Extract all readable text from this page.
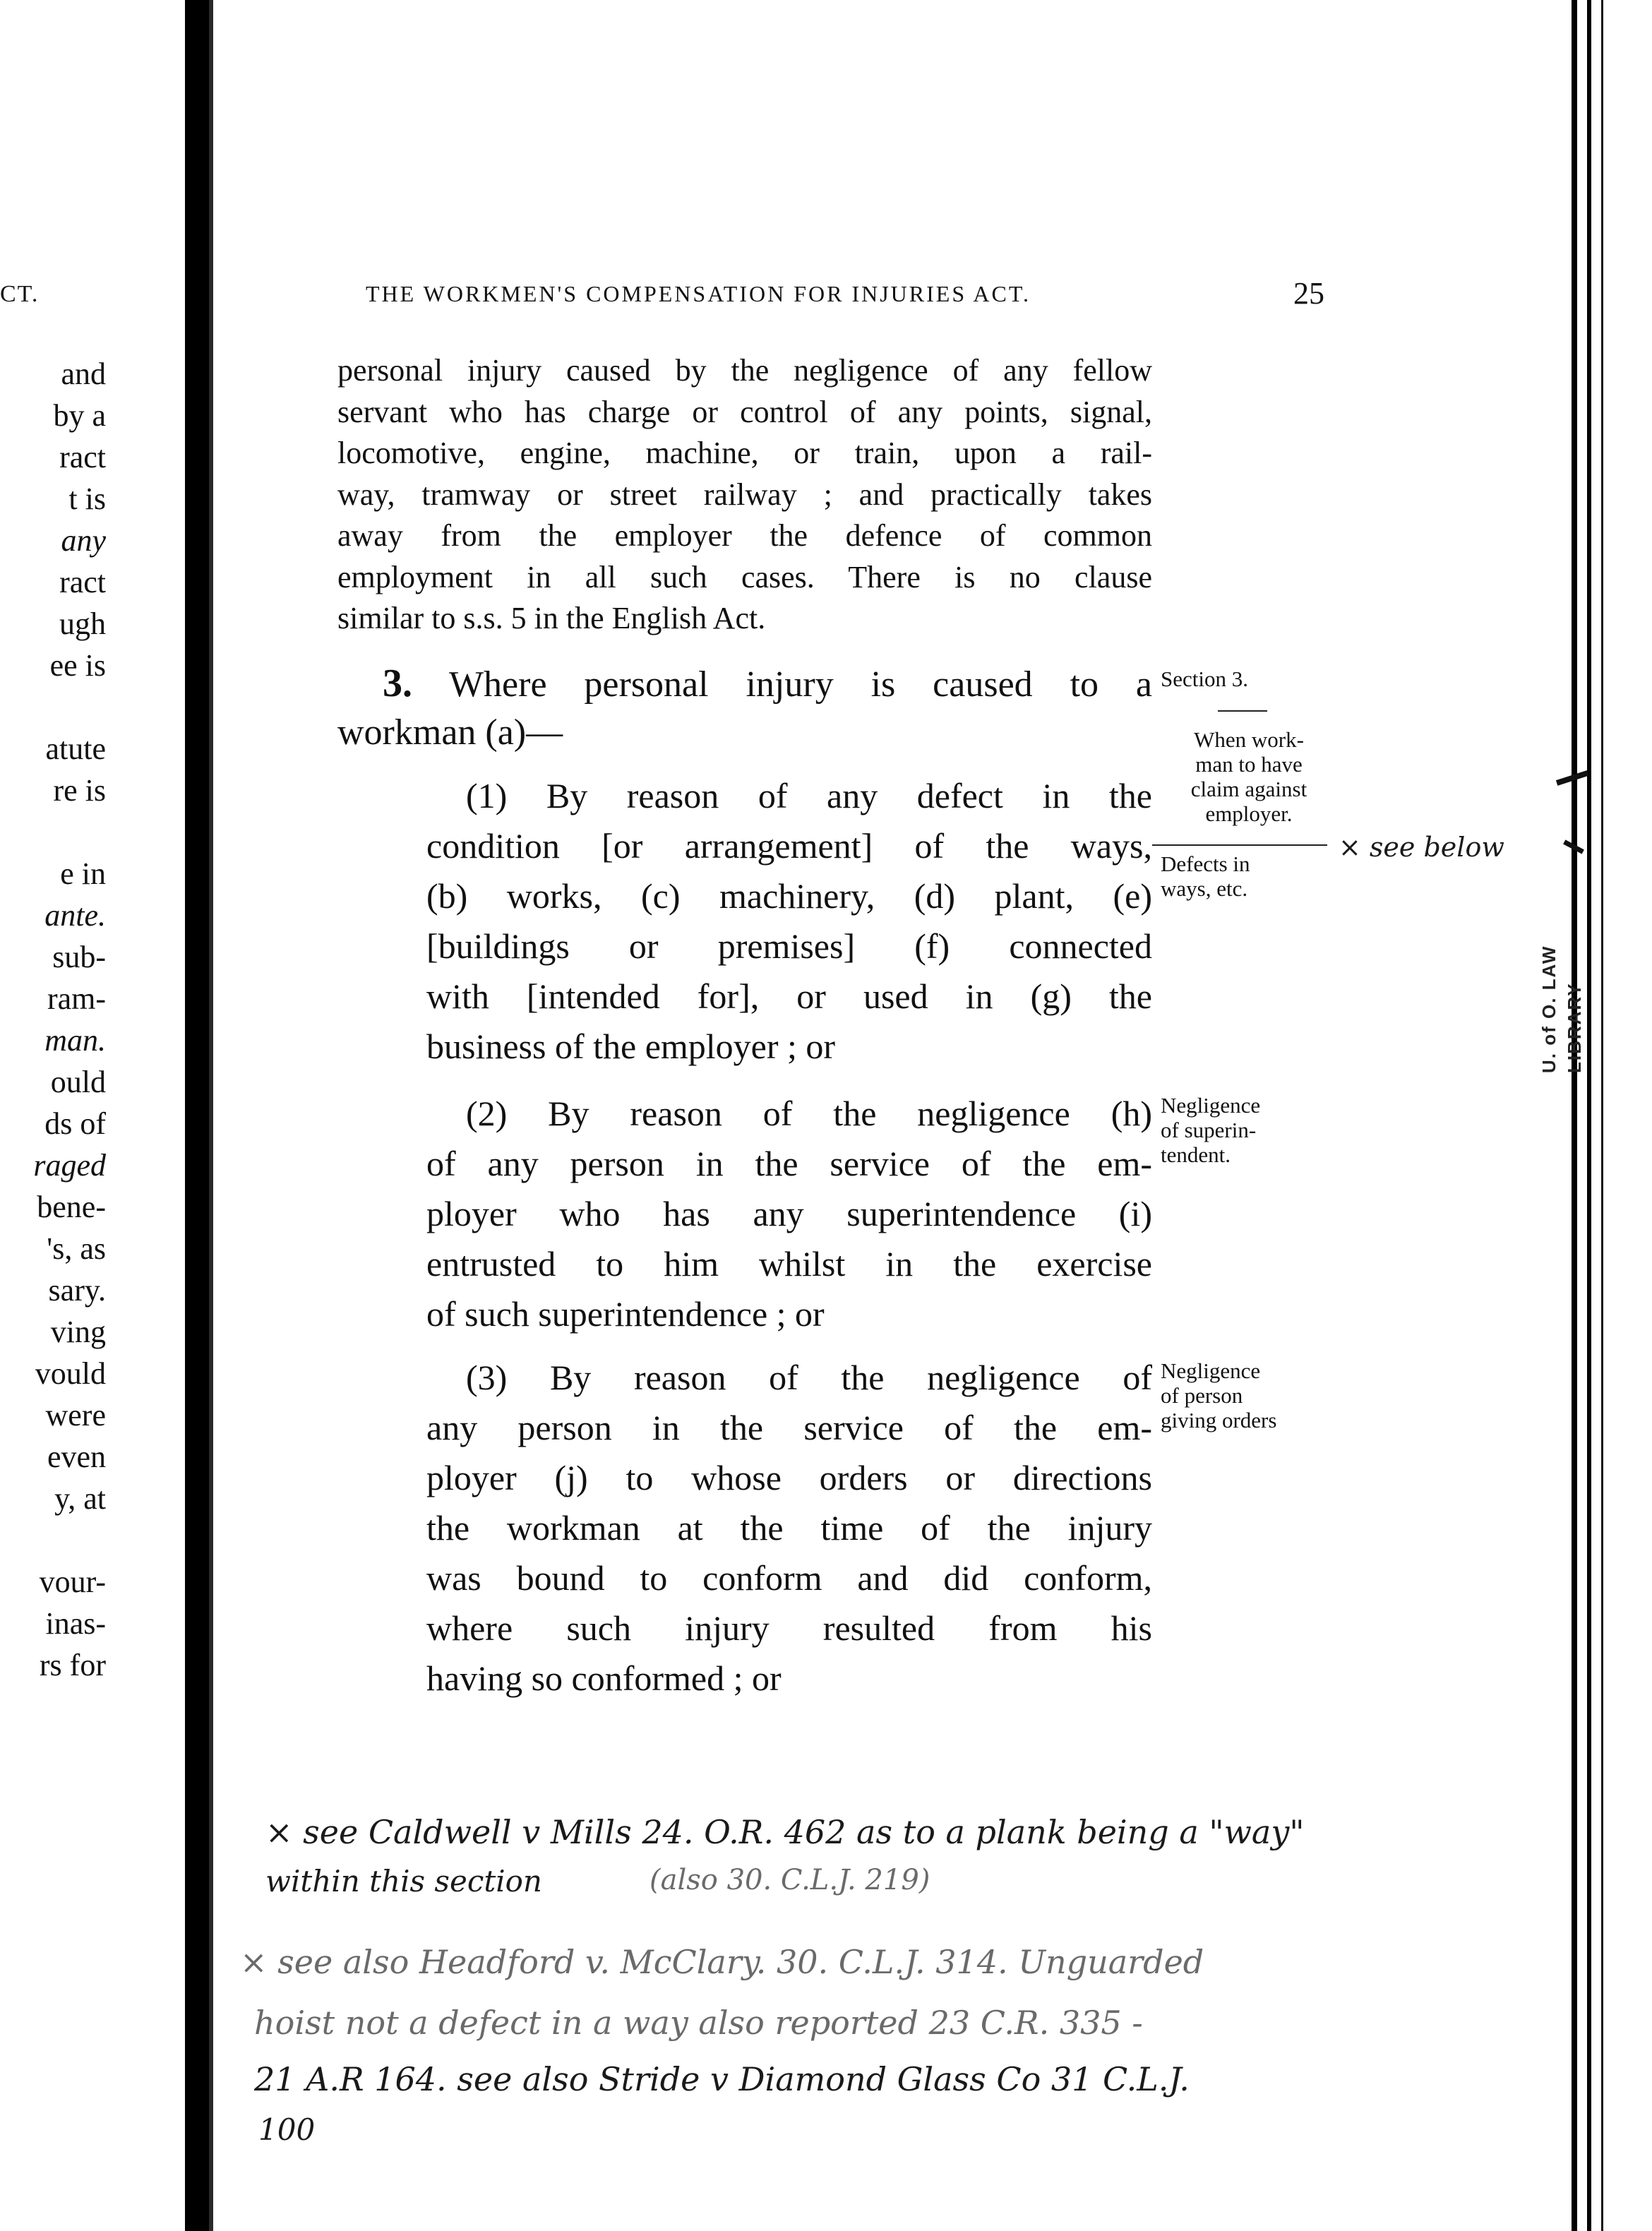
CT.
and
by a
ract
t is
any
ract
ugh
ee is

atute
re is

e in
ante.
sub-
ram-
man.
ould
ds of
raged
bene-
's, as
sary.
ving
vould
were
even
y, at

vour-
inas-
rs for
THE WORKMEN'S COMPENSATION FOR INJURIES ACT.	25
personal injury caused by the negligence of any fellow
servant who has charge or control of any points, signal,
locomotive, engine, machine, or train, upon a rail-
way, tramway or street railway ; and practically takes
away from the employer the defence of common
employment in all such cases. There is no clause
similar to s.s. 5 in the English Act.
3. Where personal injury is caused to a
workman (a)—
(1) By reason of any defect in the
condition [or arrangement] of the ways,
(b) works, (c) machinery, (d) plant, (e)
[buildings or premises] (f) connected
with [intended for], or used in (g) the
business of the employer ; or
(2) By reason of the negligence (h)
of any person in the service of the em-
ployer who has any superintendence (i)
entrusted to him whilst in the exercise
of such superintendence ; or
(3) By reason of the negligence of
any person in the service of the em-
ployer (j) to whose orders or directions
the workman at the time of the injury
was bound to conform and did conform,
where such injury resulted from his
having so conformed ; or
Section 3.
When work-
man to have
claim against
employer.
Defects in
ways, etc.
Negligence
of superin-
tendent.
Negligence
of person
giving orders
× see below
× see Caldwell v Mills 24. O.R. 462 as to a plank being a "way"
within this section	(also 30. C.L.J. 219)
× see also Headford v. McClary. 30. C.L.J. 314. Unguarded
hoist not a defect in a way also reported 23 C.R. 335 -
21 A.R 164. see also Stride v Diamond Glass Co 31 C.L.J.
100
U. of O. LAW LIBRARY
